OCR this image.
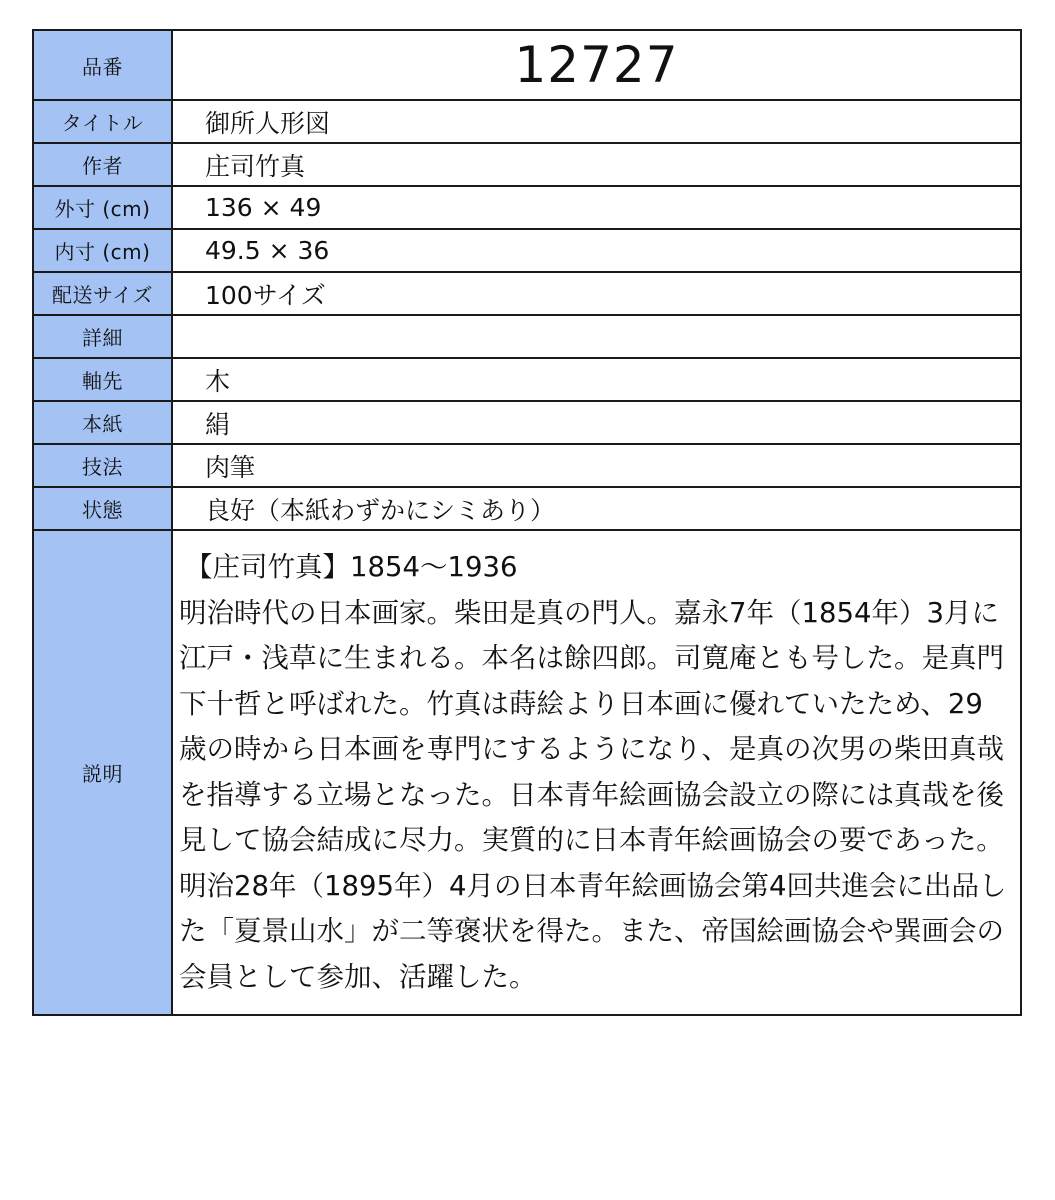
品番	12727
タイトル	御所人形図
作者	庄司竹真
外寸 (cm)	136 × 49
内寸 (cm)	49.5 × 36
配送サイズ	100サイズ
詳細	
軸先	木
本紙	絹
技法	肉筆
状態	良好（本紙わずかにシミあり）
説明	【庄司竹真】1854〜1936
明治時代の日本画家。柴田是真の門人。嘉永7年（1854年）3月に江戸・浅草に生まれる。本名は餘四郎。司寛庵とも号した。是真門下十哲と呼ばれた。竹真は蒔絵より日本画に優れていたため、29歳の時から日本画を専門にするようになり、是真の次男の柴田真哉を指導する立場となった。日本青年絵画協会設立の際には真哉を後見して協会結成に尽力。実質的に日本青年絵画協会の要であった。明治28年（1895年）4月の日本青年絵画協会第4回共進会に出品した「夏景山水」が二等褒状を得た。また、帝国絵画協会や巽画会の会員として参加、活躍した。
